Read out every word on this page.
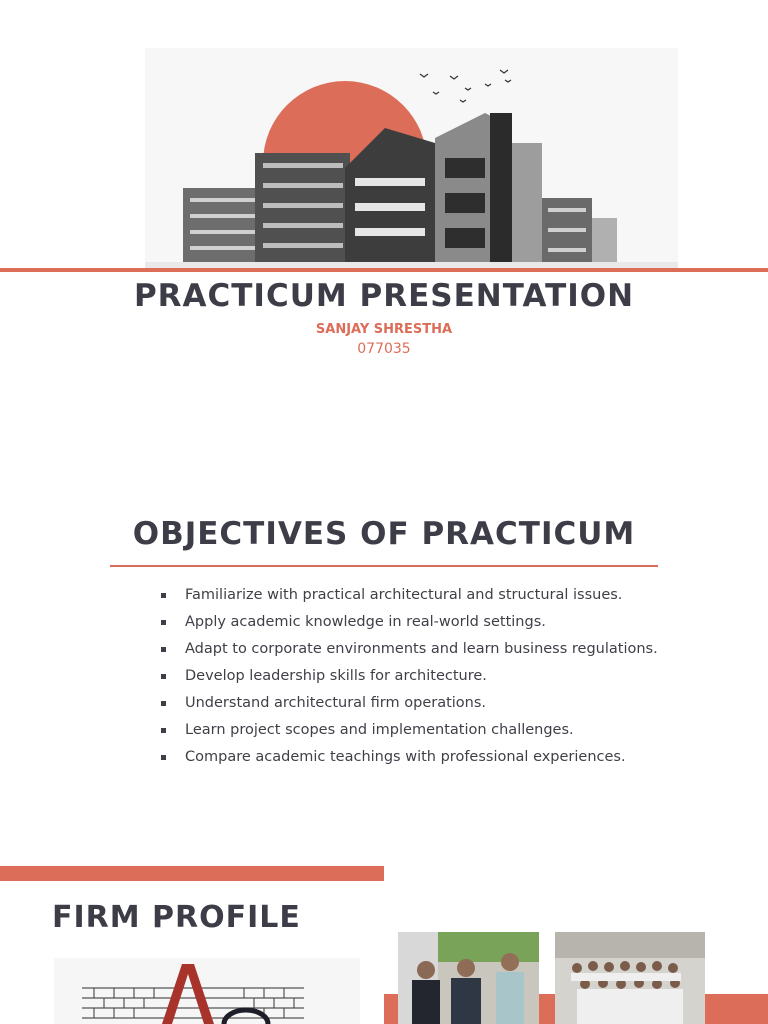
PRACTICUM PRESENTATION
SANJAY SHRESTHA
077035
OBJECTIVES OF PRACTICUM
Familiarize with practical architectural and structural issues.
Apply academic knowledge in real-world settings.
Adapt to corporate environments and learn business regulations.
Develop leadership skills for architecture.
Understand architectural firm operations.
Learn project scopes and implementation challenges.
Compare academic teachings with professional experiences.
FIRM PROFILE
